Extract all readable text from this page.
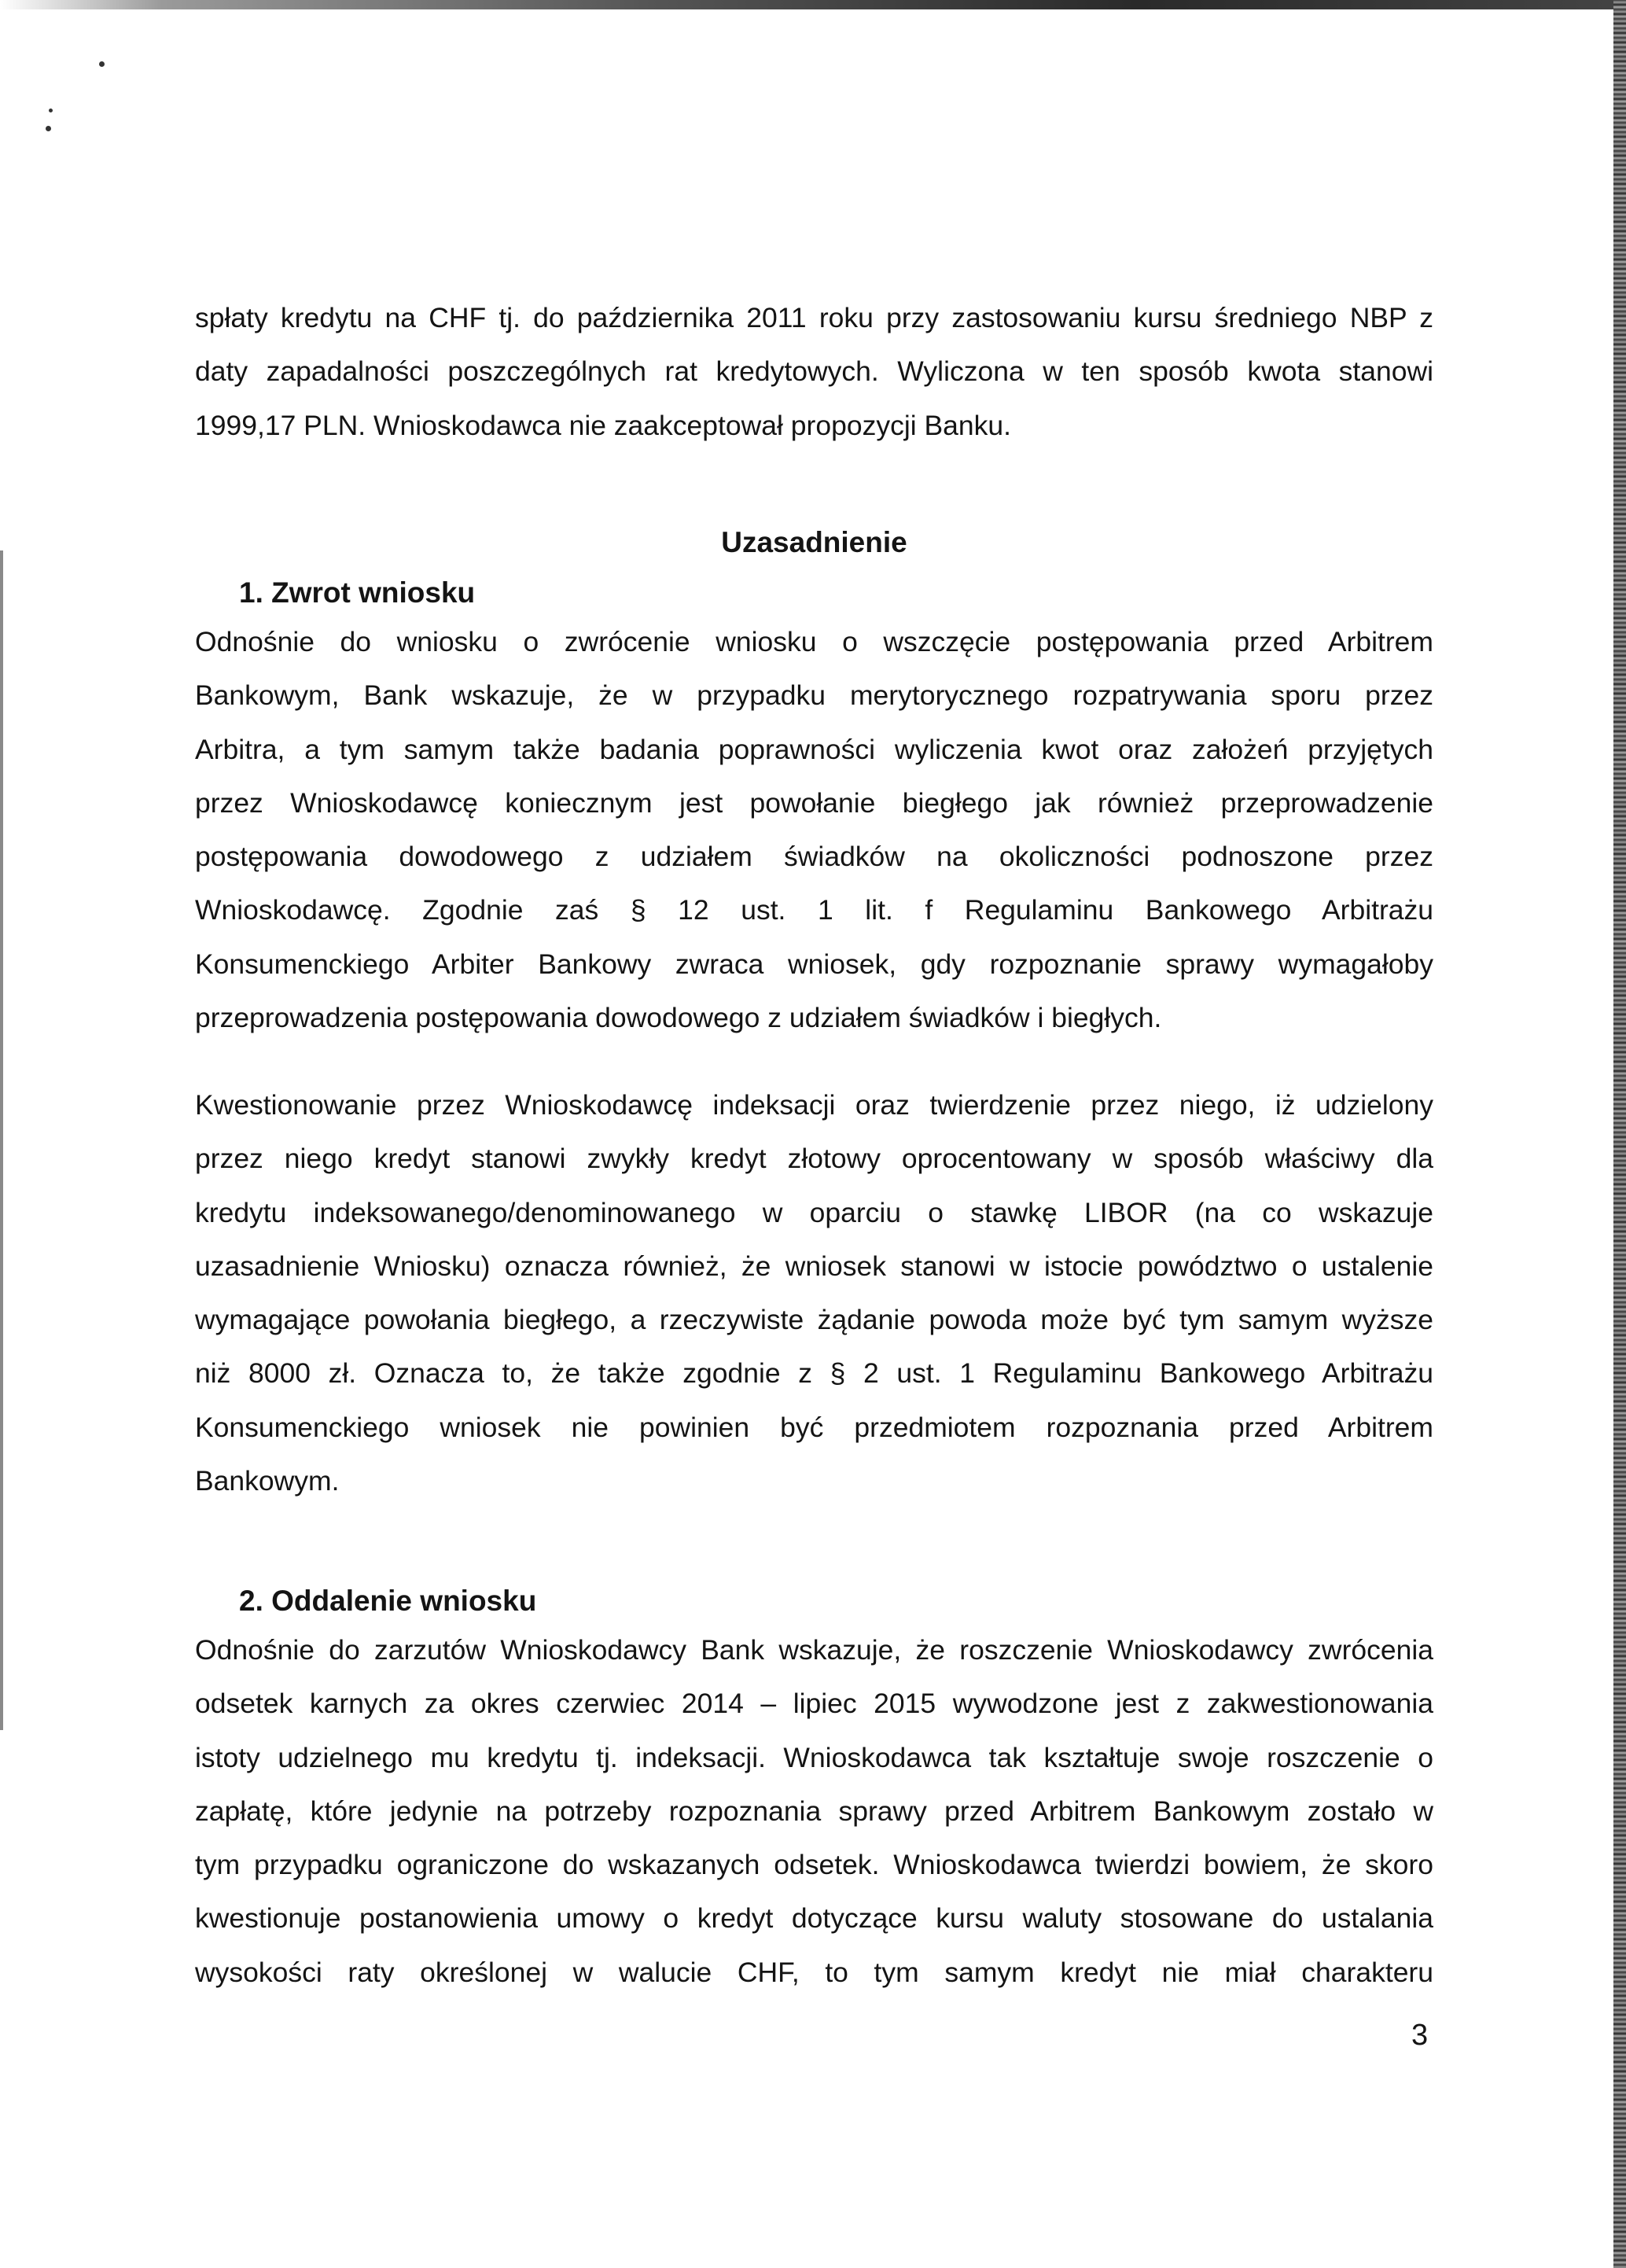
spłaty kredytu na CHF tj. do października 2011 roku przy zastosowaniu kursu średniego NBP z

daty zapadalności poszczególnych rat kredytowych. Wyliczona w ten sposób kwota stanowi

1999,17 PLN. Wnioskodawca nie zaakceptował propozycji Banku.

Uzasadnienie
1. Zwrot wniosku

Odnośnie do wniosku o zwrócenie wniosku o wszczęcie postępowania przed Arbitrem

Bankowym, Bank wskazuje, że w przypadku merytorycznego rozpatrywania sporu przez

Arbitra, a tym samym także badania poprawności wyliczenia kwot oraz założeń przyjętych

przez Wnioskodawcę koniecznym jest powołanie biegłego jak również przeprowadzenie

postępowania dowodowego z udziałem świadków na okoliczności podnoszone przez

Wnioskodawcę. Zgodnie zaś § 12 ust. 1 lit. f Regulaminu Bankowego Arbitrażu

Konsumenckiego Arbiter Bankowy zwraca wniosek, gdy rozpoznanie sprawy wymagałoby

przeprowadzenia postępowania dowodowego z udziałem świadków i biegłych.

Kwestionowanie przez Wnioskodawcę indeksacji oraz twierdzenie przez niego, iż udzielony

przez niego kredyt stanowi zwykły kredyt złotowy oprocentowany w sposób właściwy dla

kredytu indeksowanego/denominowanego w oparciu o stawkę LIBOR (na co wskazuje

uzasadnienie Wniosku) oznacza również, że wniosek stanowi w istocie powództwo o ustalenie

wymagające powołania biegłego, a rzeczywiste żądanie powoda może być tym samym wyższe

niż 8000 zł. Oznacza to, że także zgodnie z § 2 ust. 1 Regulaminu Bankowego Arbitrażu

Konsumenckiego wniosek nie powinien być przedmiotem rozpoznania przed Arbitrem

Bankowym.

2. Oddalenie wniosku

Odnośnie do zarzutów Wnioskodawcy Bank wskazuje, że roszczenie Wnioskodawcy zwrócenia

odsetek karnych za okres czerwiec 2014 – lipiec 2015 wywodzone jest z zakwestionowania

istoty udzielnego mu kredytu tj. indeksacji. Wnioskodawca tak kształtuje swoje roszczenie o

zapłatę, które jedynie na potrzeby rozpoznania sprawy przed Arbitrem Bankowym zostało w

tym przypadku ograniczone do wskazanych odsetek. Wnioskodawca twierdzi bowiem, że skoro

kwestionuje postanowienia umowy o kredyt dotyczące kursu waluty stosowane do ustalania

wysokości raty określonej w walucie CHF, to tym samym kredyt nie miał charakteru

3
